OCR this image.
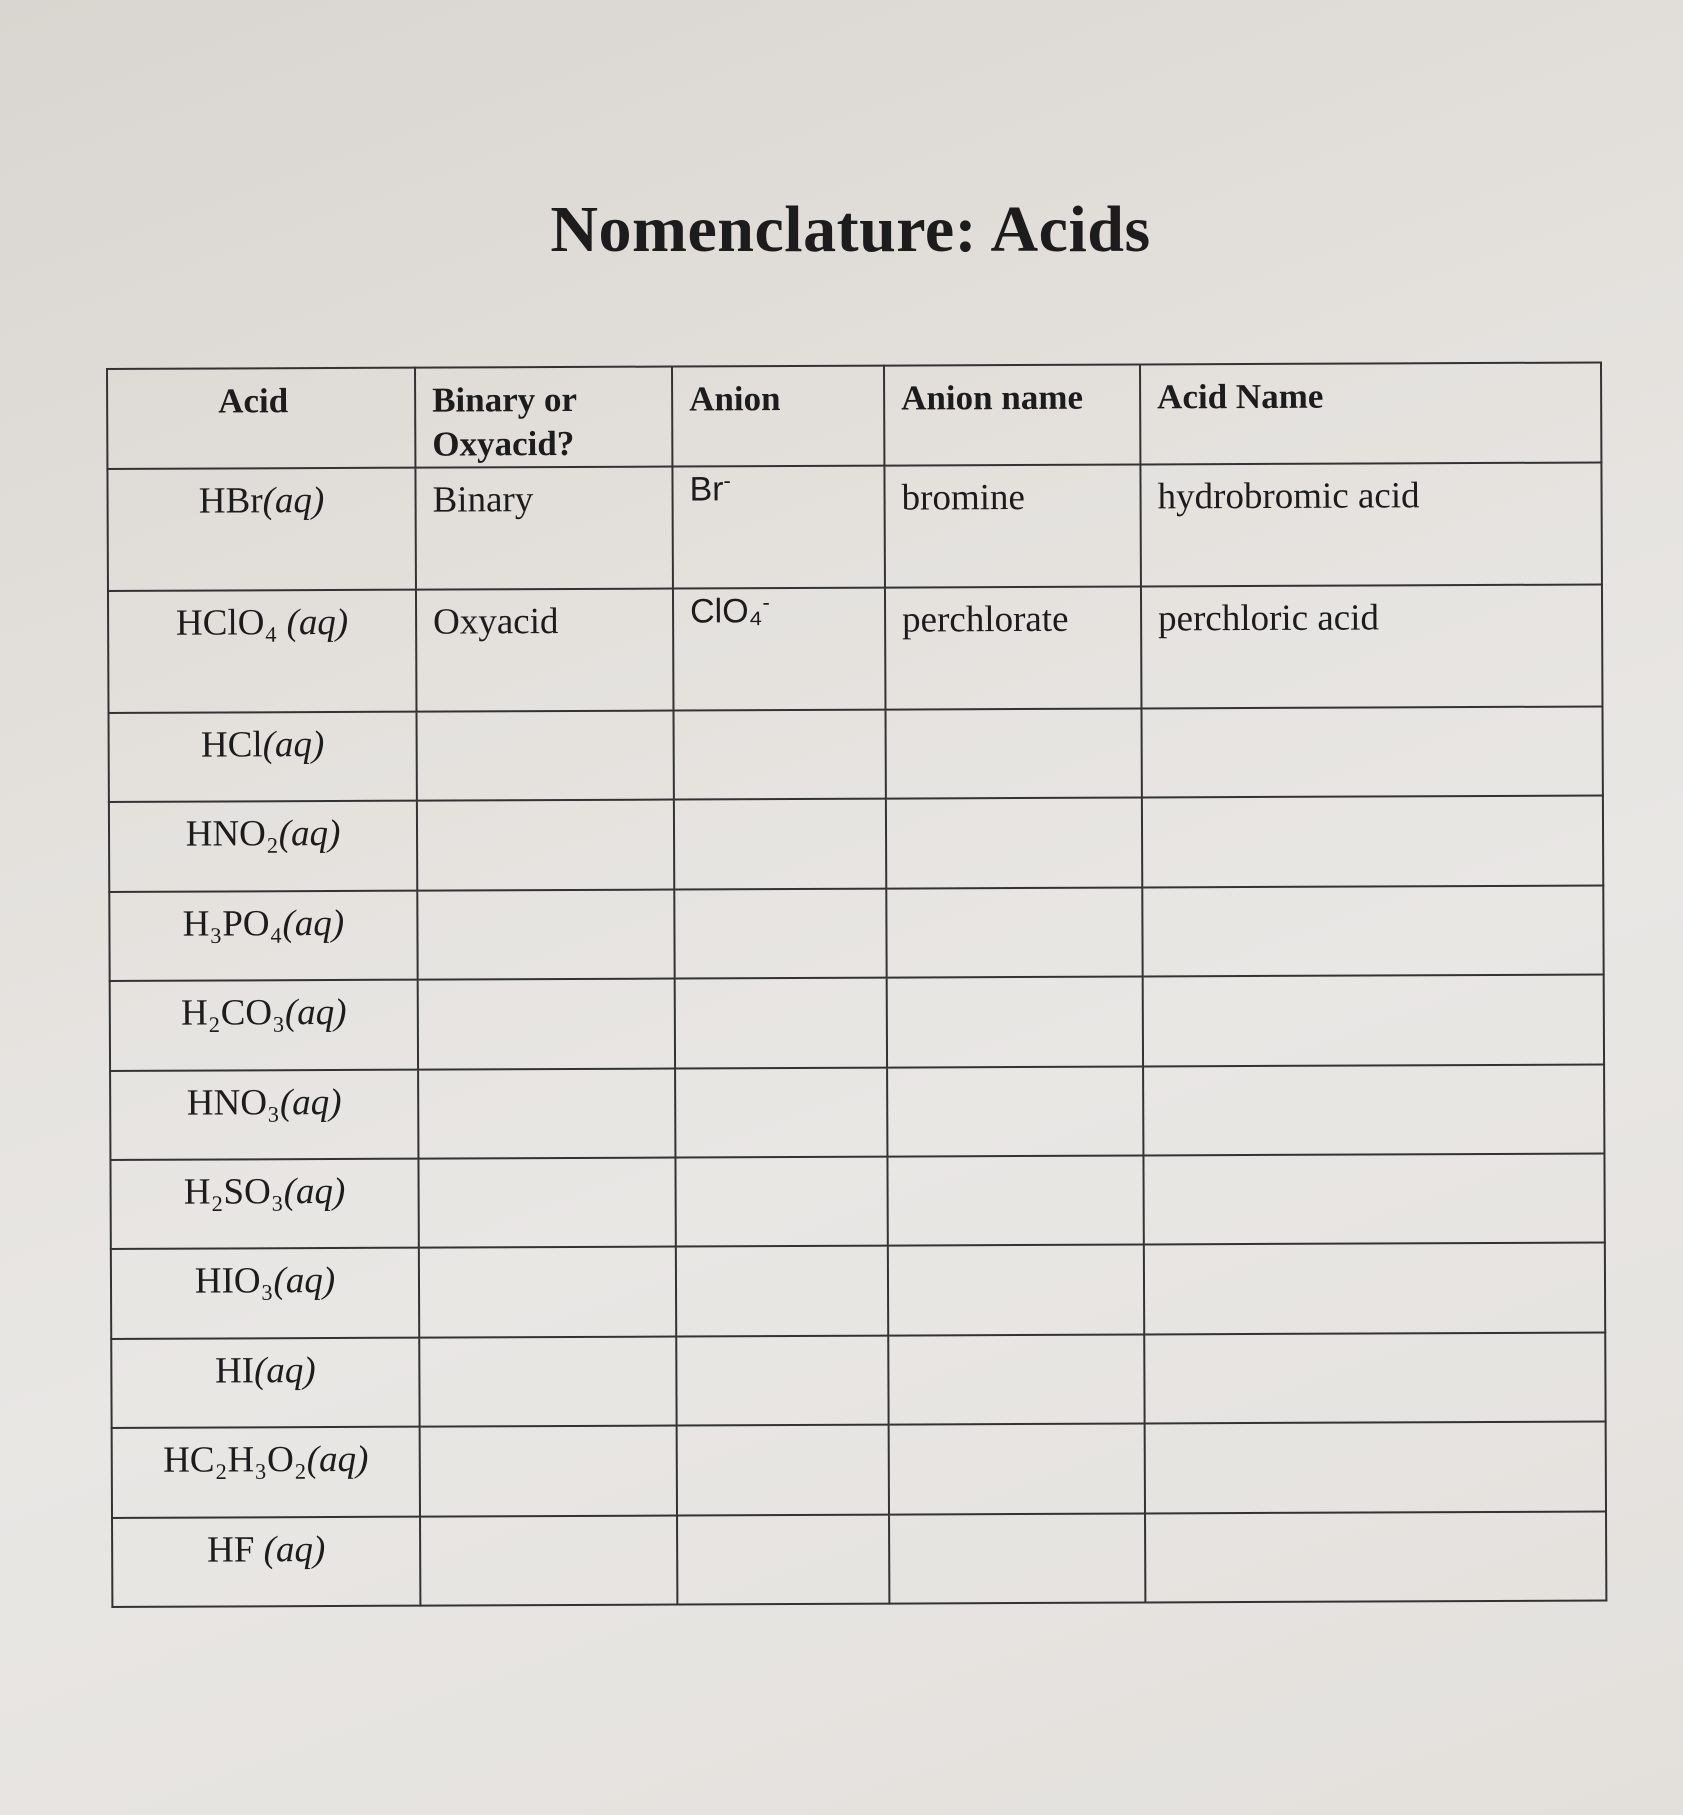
Nomenclature: Acids
Acid	Binary or Oxyacid?	Anion	Anion name	Acid Name

HBr(aq)	Binary	Br-	bromine	hydrobromic acid

HClO₄ (aq)	Oxyacid	ClO₄-	perchlorate	perchloric acid

HCl(aq)	

HNO₂(aq)	

H₃PO₄(aq)	

H₂CO₃(aq)	

HNO₃(aq)	

H₂SO₃(aq)	

HIO₃(aq)	

HI(aq)	

HC₂H₃O₂(aq)	

HF (aq)	
